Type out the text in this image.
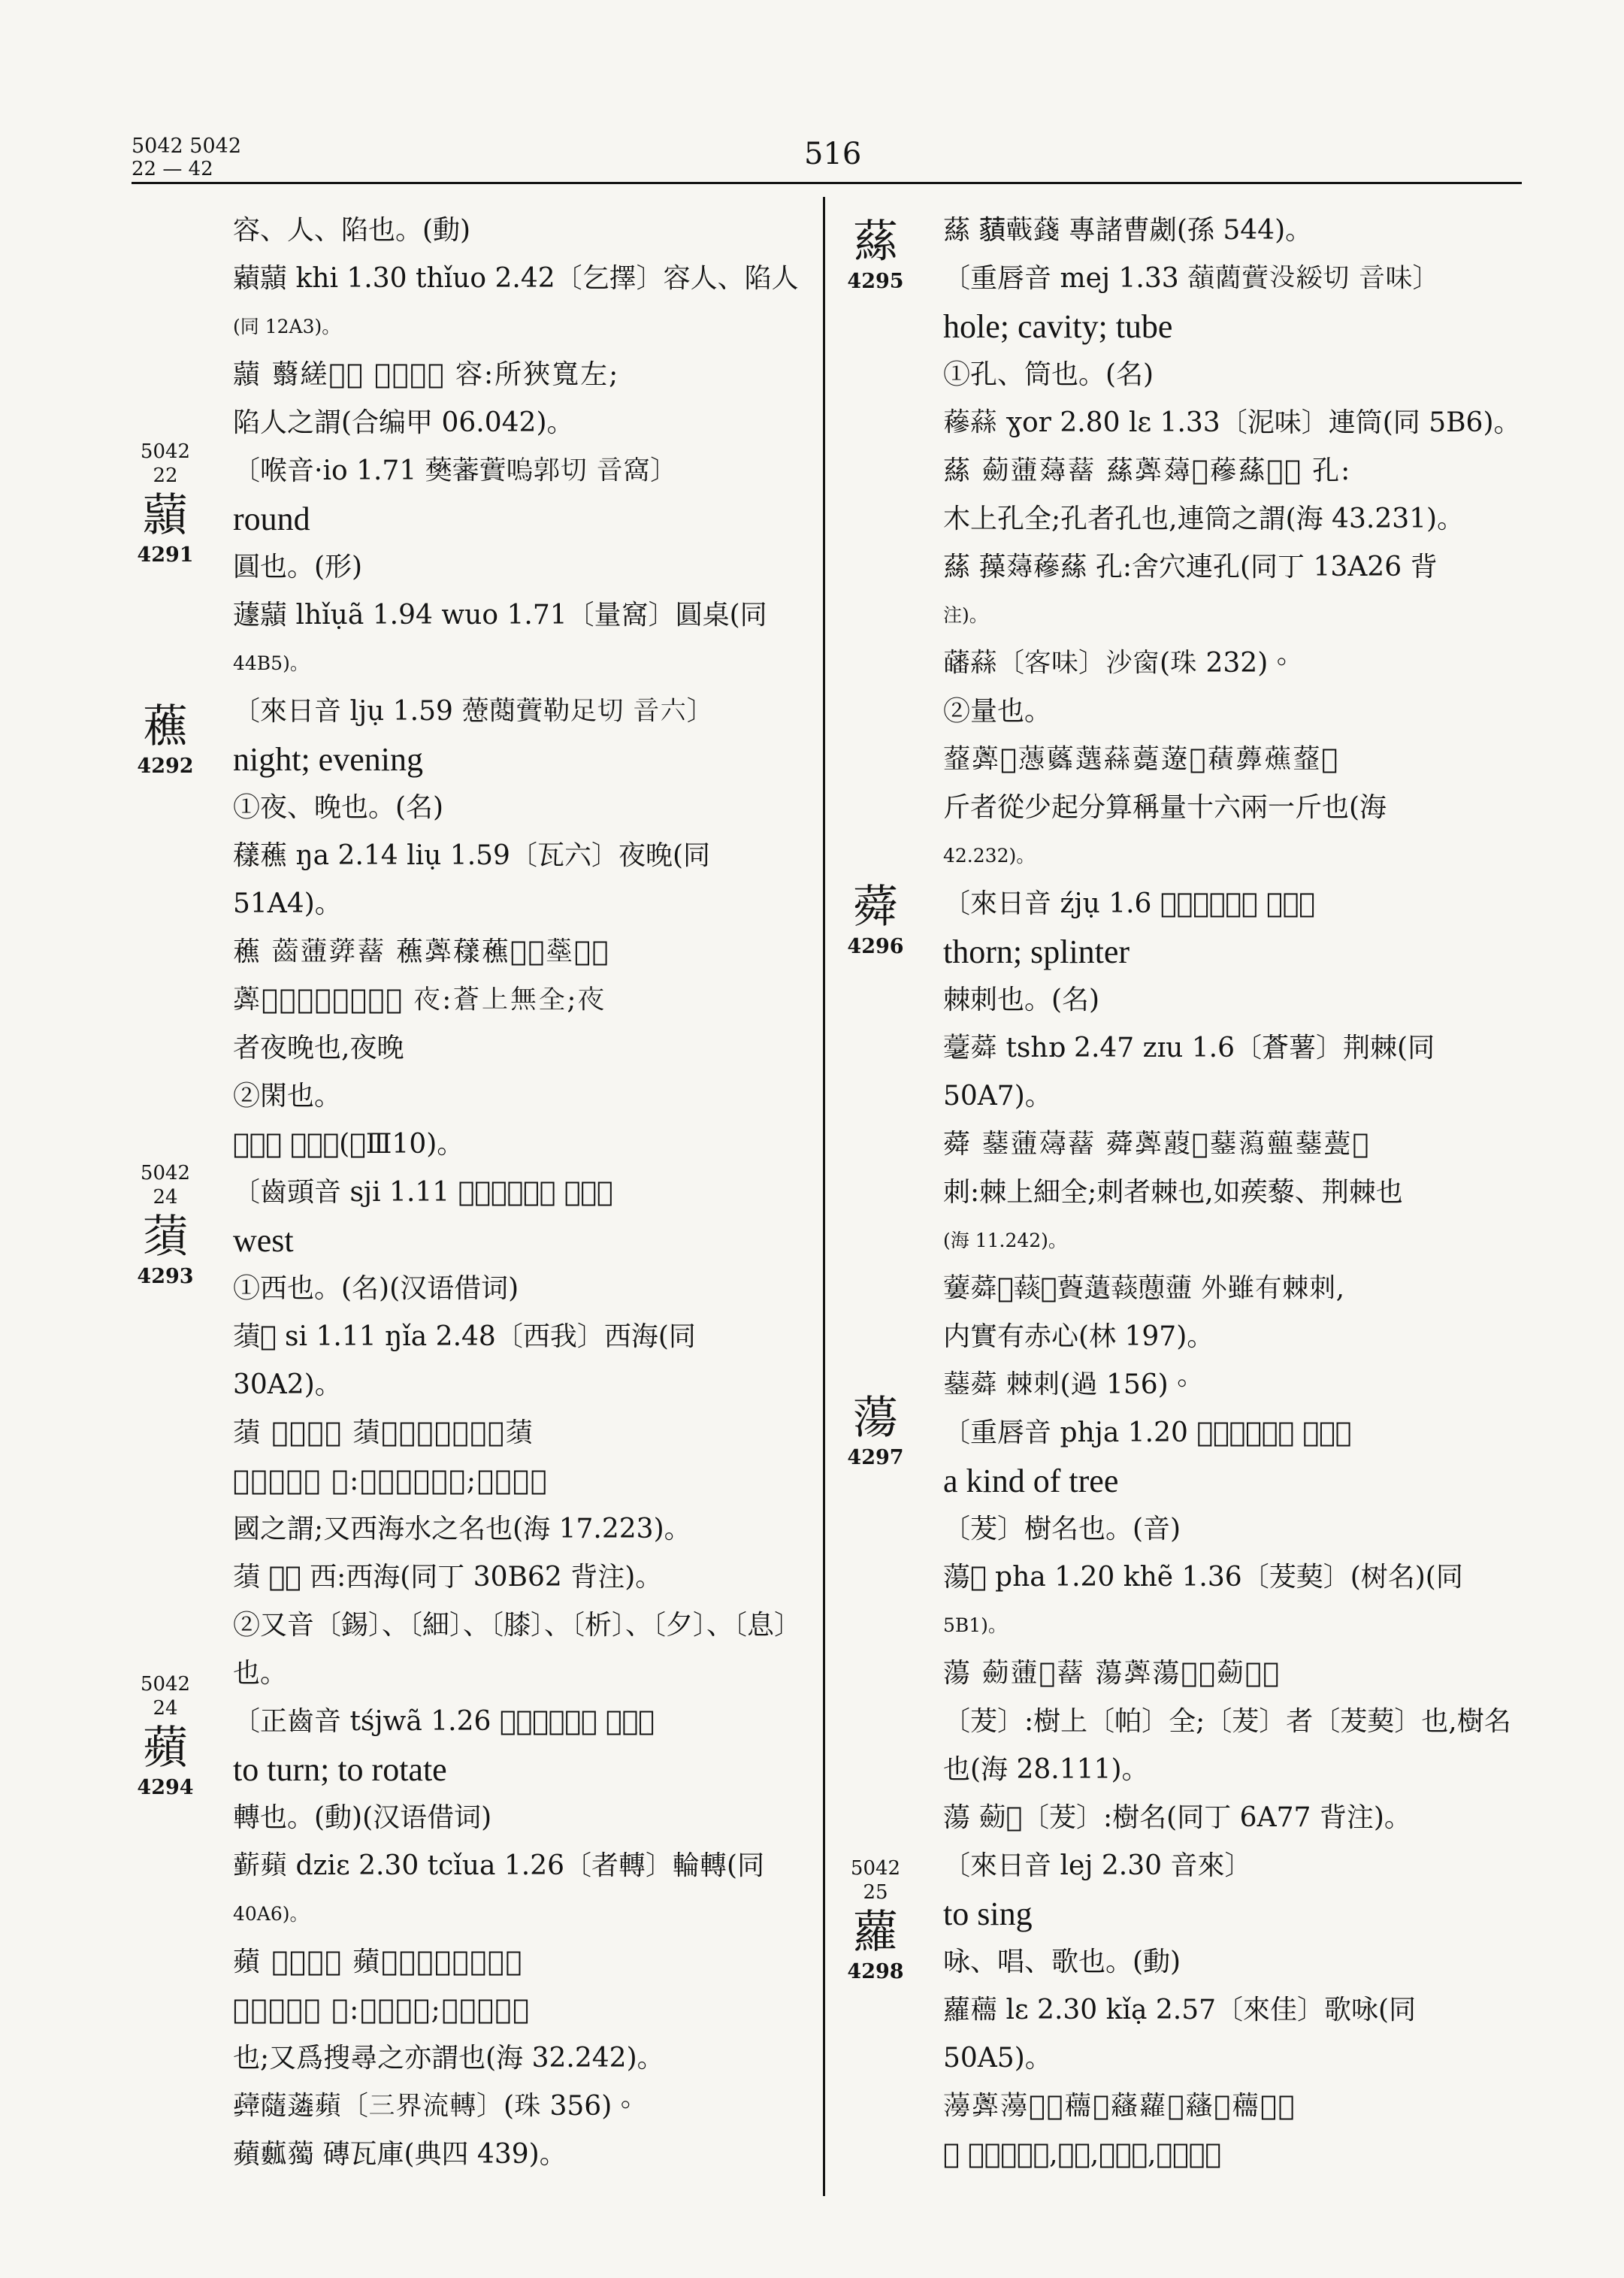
5042 5042
22 — 42	516
5042
22
蘏
4291
藮
4292
5042
24
蕦
4293
5042
24
蘋
4294
蕬
4295
蕣
4296
蕩
4297
5042
25
蘿
4298

容、人、陷也。(動)

蘔蘏 khi 1.30 thǐuo 2.42〔乞擇〕容人、陷人

(同 12A3)。

蘏 蘙縒𧁤𧁦 𧀿𧁃𧀻𧁏 容:所狹寬左;

陷人之謂(合编甲 06.042)。

〔喉音·io 1.71 𧀭𧀯𧁐嗚郭切 音窩〕

round

圓也。(形)

蘧蘏 lhǐụã 1.94 wuo 1.71〔量窩〕圓桌(同

44B5)。

〔來日音 ljụ 1.59 𧀱𧀲𧁐勒足切 音六〕

night; evening

①夜、晚也。(名)

𧁒藮 ŋa 2.14 liụ 1.59〔瓦六〕夜晚(同 51A4)。

藮 𧀤𧁔𧁕𧁖 藮𧁗𧁒藮𧁘𧁙𧁚𧁘𧁛

𧁗𧁘𧁜𧁝𧁘𧁞𧁟𧁠𧁘 夜:蒼上無全;夜

者夜晚也,夜晚

②閑也。

𧁡藮𧁢 空閑處(蓮Ⅲ10)。

〔齒頭音 sji 1.11 𧁣𧁤𧁐西計切 音西〕

west

①西也。(名)(汉语借词)

蕦𧁥 si 1.11 ŋǐa 2.48〔西我〕西海(同 30A2)。

蕦 𧁦𧁔𧁧𧁖 蕦𧁗𧁨𧁩𧁪𧁫𧁬𧁠蕦

𧁥𧁭𧁫𧁮𧁯 西:〔西〕上嘴全;西者西天

國之謂;又西海水之名也(海 17.223)。

蕦 𧁨𧁥 西:西海(同丁 30B62 背注)。

②又音〔錫〕、〔細〕、〔膝〕、〔析〕、〔夕〕、〔息〕

也。

〔正齒音 tśjwã 1.26 𧁰𧁱𧁐朱原切 音轉〕

to turn; to rotate

轉也。(動)(汉语借词)

𧁲蘋 dziɛ 2.30 tcǐua 1.26〔者轉〕輪轉(同

40A6)。

蘋 𧁳𧁔𧁴𧁖 蘋𧁗𧁵𧁲𧁶𧁘𧁠𧁷𧁸

𧁹𧁫𧁺𧁬𧁘 轉:進上轉全;轉者令輪轉

也;又爲搜尋之亦謂也(海 32.242)。

𧁻𧁼𧁽蘋〔三界流轉〕(珠 356)。

蘋𧁾𧁿 磚瓦庫(典四 439)。

蕬 𧂀𧂁𧂂 專諸曹劌(孫 544)。

〔重唇音 mej 1.33 𧂃𧂄𧁐没綏切 音味〕

hole; cavity; tube

①孔、筒也。(名)

𧂅蕬 ɣor 2.80 lɛ 1.33〔泥味〕連筒(同 5B6)。

蕬 𧂆𧁔𧂇𧁖 蕬𧁗𧂇𧁘𧂅蕬𧁫𧁬 孔:

木上孔全;孔者孔也,連筒之謂(海 43.231)。

蕬 𧂈𧂇𧂅蕬 孔:舍穴連孔(同丁 13A26 背

注)。

𧂉蕬〔客味〕沙窗(珠 232)。

②量也。

𧂊𧁗𧁘𧂋𧂌𧂍蕬𧂎𧂏𧁙𧂐𧂑𧂒𧂊𧁘

斤者從少起分算稱量十六兩一斤也(海

42.232)。

〔來日音 źjụ 1.6 𧂓𧂔𧁐寺巨切 音薯〕

thorn; splinter

棘刺也。(名)

𧂕蕣 tshɒ 2.47 zɪu 1.6〔蒼薯〕荆棘(同 50A7)。

蕣 𧂖𧁔𧂗𧁖 蕣𧁗𧂘𧁘𧂖𧂙𧂚𧂖𧂛𧁘

刺:棘上細全;刺者棘也,如蒺藜、荆棘也

(海 11.242)。

𧂜蕣𧂝𧂞𧁺𧂟𧂠𧂞𧂡𧁔 外雖有棘刺,

内實有赤心(林 197)。

𧂖蕣 棘刺(過 156)。

〔重唇音 phja 1.20 𧂢𧂣𧁐皮撈切 音帕〕

a kind of tree

〔茇〕樹名也。(音)

蕩𧂤 pha 1.20 khẽ 1.36〔茇葜〕(树名)(同

5B1)。

蕩 𧂆𧁔𧂥𧁖 蕩𧁗蕩𧂤𧁘𧂆𧁮𧁯

〔茇〕:樹上〔帕〕全;〔茇〕者〔茇葜〕也,樹名

也(海 28.111)。

蕩 𧂆𧁮〔茇〕:樹名(同丁 6A77 背注)。

〔來日音 lej 2.30 音來〕

to sing

咏、唱、歌也。(動)

蘿𧂦 lɛ 2.30 kǐạ 2.57〔來佳〕歌咏(同 50A5)。

𧂧𧁗𧂧𧂨𧁘𧂦𧁘𧂩蘿𧁘𧂩𧁹𧂦𧂪𧁫

𧁬 歌者歌唱也,唱也,唱歌也,作曲練歌
